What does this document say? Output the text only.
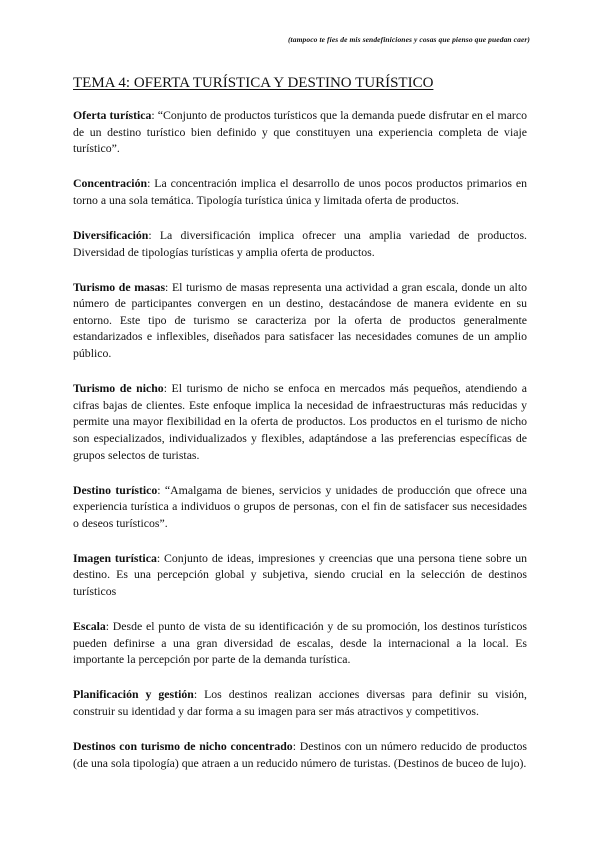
(tampoco te fíes de mis sendefiniciones y cosas que pienso que puedan caer)
TEMA 4: OFERTA TURÍSTICA Y DESTINO TURÍSTICO

Oferta turística: “Conjunto de productos turísticos que la demanda puede disfrutar en el marco de un destino turístico bien definido y que constituyen una experiencia completa de viaje turístico”.

Concentración: La concentración implica el desarrollo de unos pocos productos primarios en torno a una sola temática. Tipología turística única y limitada oferta de productos.

Diversificación: La diversificación implica ofrecer una amplia variedad de productos. Diversidad de tipologías turísticas y amplia oferta de productos.

Turismo de masas: El turismo de masas representa una actividad a gran escala, donde un alto número de participantes convergen en un destino, destacándose de manera evidente en su entorno. Este tipo de turismo se caracteriza por la oferta de productos generalmente estandarizados e inflexibles, diseñados para satisfacer las necesidades comunes de un amplio público.

Turismo de nicho: El turismo de nicho se enfoca en mercados más pequeños, atendiendo a cifras bajas de clientes. Este enfoque implica la necesidad de infraestructuras más reducidas y permite una mayor flexibilidad en la oferta de productos. Los productos en el turismo de nicho son especializados, individualizados y flexibles, adaptándose a las preferencias específicas de grupos selectos de turistas.

Destino turístico: “Amalgama de bienes, servicios y unidades de producción que ofrece una experiencia turística a individuos o grupos de personas, con el fin de satisfacer sus necesidades o deseos turísticos”.

Imagen turística: Conjunto de ideas, impresiones y creencias que una persona tiene sobre un destino. Es una percepción global y subjetiva, siendo crucial en la selección de destinos turísticos

Escala: Desde el punto de vista de su identificación y de su promoción, los destinos turísticos pueden definirse a una gran diversidad de escalas, desde la internacional a la local. Es importante la percepción por parte de la demanda turística.

Planificación y gestión: Los destinos realizan acciones diversas para definir su visión, construir su identidad y dar forma a su imagen para ser más atractivos y competitivos.

Destinos con turismo de nicho concentrado: Destinos con un número reducido de productos (de una sola tipología) que atraen a un reducido número de turistas. (Destinos de buceo de lujo).
